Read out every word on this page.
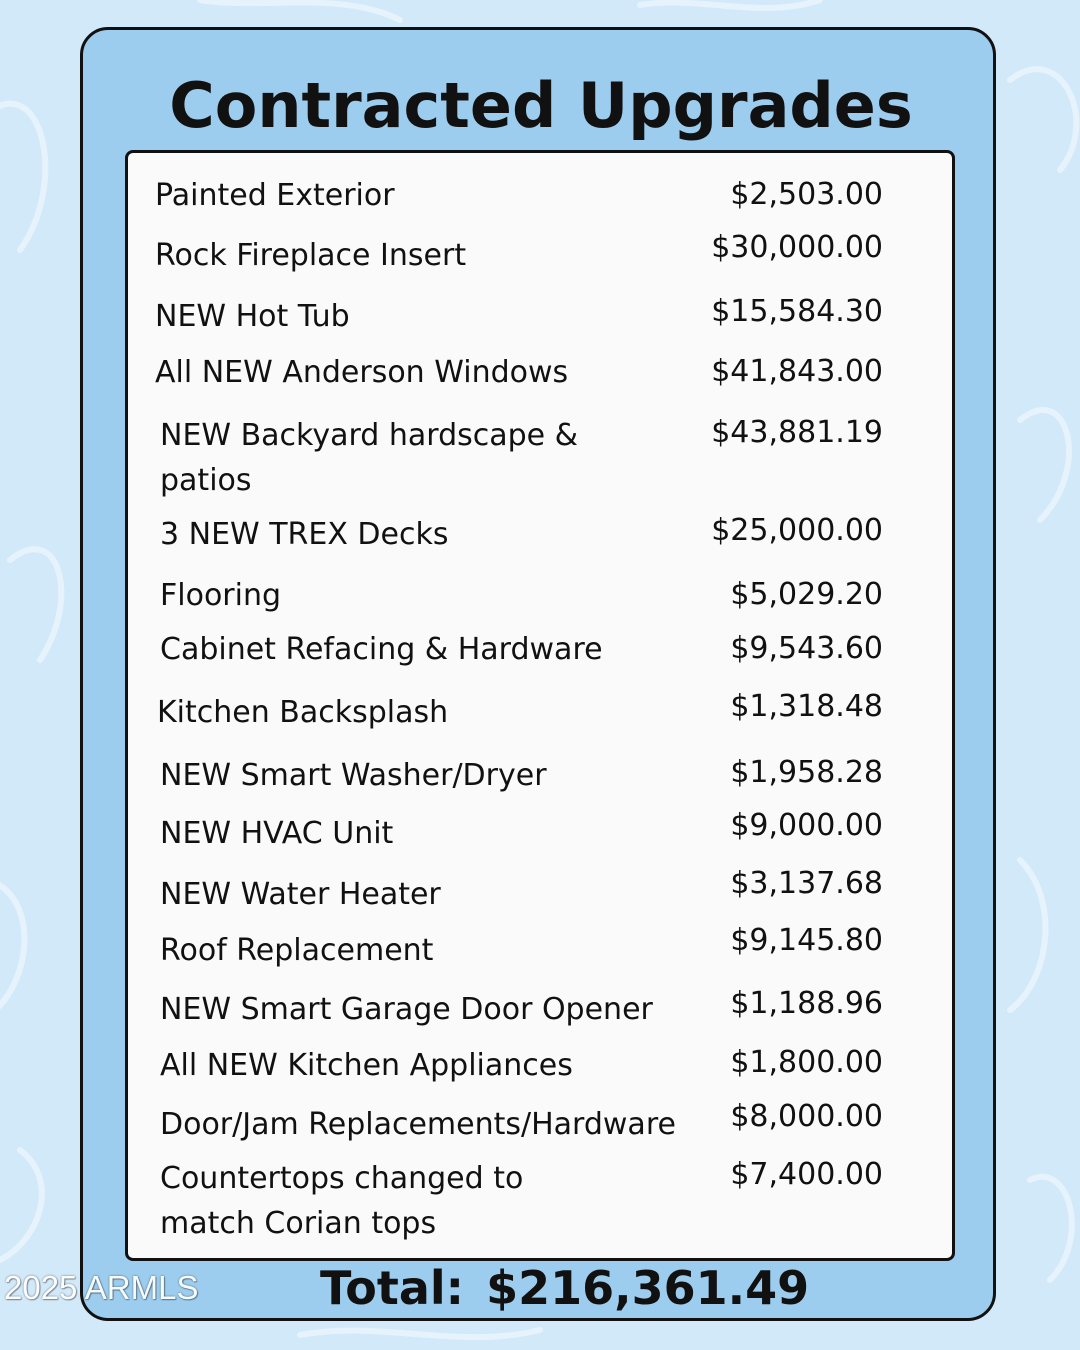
Contracted Upgrades
Painted Exterior	$2,503.00
Rock Fireplace Insert	$30,000.00
NEW Hot Tub	$15,584.30
All NEW Anderson Windows	$41,843.00
NEW Backyard hardscape &
patios
$43,881.19
3 NEW TREX Decks	$25,000.00
Flooring	$5,029.20
Cabinet Refacing & Hardware	$9,543.60
Kitchen Backsplash	$1,318.48
NEW Smart Washer/Dryer	$1,958.28
NEW HVAC Unit	$9,000.00
NEW Water Heater	$3,137.68
Roof Replacement	$9,145.80
NEW Smart Garage Door Opener	$1,188.96
All NEW Kitchen Appliances	$1,800.00
Door/Jam Replacements/Hardware $8,000.00
Countertops changed to
match Corian tops
$7,400.00
Total: $216,361.49
2025 ARMLS
